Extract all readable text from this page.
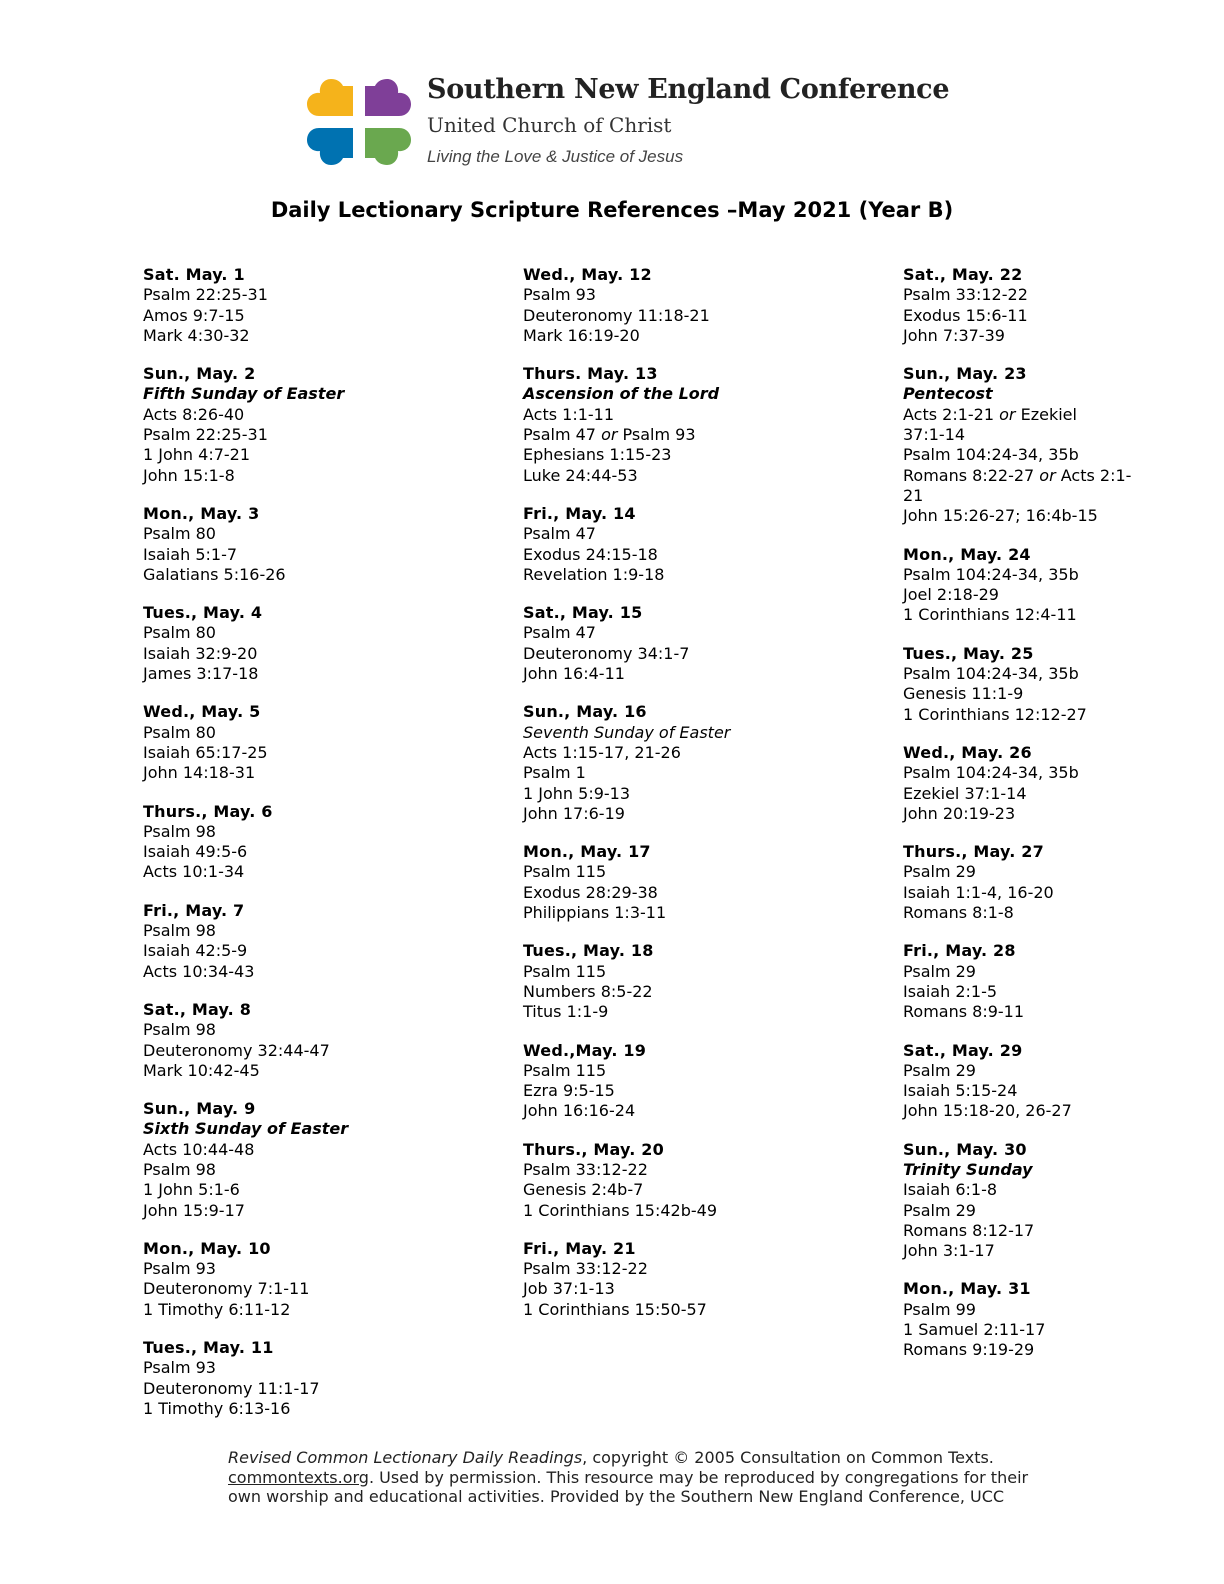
Southern New England Conference
United Church of Christ
Living the Love & Justice of Jesus
Daily Lectionary Scripture References –May 2021 (Year B)
Sat. May. 1
Psalm 22:25-31
Amos 9:7-15
Mark 4:30-32
Sun., May. 2
Fifth Sunday of Easter
Acts 8:26-40
Psalm 22:25-31
1 John 4:7-21
John 15:1-8
Mon., May. 3
Psalm 80
Isaiah 5:1-7
Galatians 5:16-26
Tues., May. 4
Psalm 80
Isaiah 32:9-20
James 3:17-18
Wed., May. 5
Psalm 80
Isaiah 65:17-25
John 14:18-31
Thurs., May. 6
Psalm 98
Isaiah 49:5-6
Acts 10:1-34
Fri., May. 7
Psalm 98
Isaiah 42:5-9
Acts 10:34-43
Sat., May. 8
Psalm 98
Deuteronomy 32:44-47
Mark 10:42-45
Sun., May. 9
Sixth Sunday of Easter
Acts 10:44-48
Psalm 98
1 John 5:1-6
John 15:9-17
Mon., May. 10
Psalm 93
Deuteronomy 7:1-11
1 Timothy 6:11-12
Tues., May. 11
Psalm 93
Deuteronomy 11:1-17
1 Timothy 6:13-16
Wed., May. 12
Psalm 93
Deuteronomy 11:18-21
Mark 16:19-20
Thurs. May. 13
Ascension of the Lord
Acts 1:1-11
Psalm 47 or Psalm 93
Ephesians 1:15-23
Luke 24:44-53
Fri., May. 14
Psalm 47
Exodus 24:15-18
Revelation 1:9-18
Sat., May. 15
Psalm 47
Deuteronomy 34:1-7
John 16:4-11
Sun., May. 16
Seventh Sunday of Easter
Acts 1:15-17, 21-26
Psalm 1
1 John 5:9-13
John 17:6-19
Mon., May. 17
Psalm 115
Exodus 28:29-38
Philippians 1:3-11
Tues., May. 18
Psalm 115
Numbers 8:5-22
Titus 1:1-9
Wed.,May. 19
Psalm 115
Ezra 9:5-15
John 16:16-24
Thurs., May. 20
Psalm 33:12-22
Genesis 2:4b-7
1 Corinthians 15:42b-49
Fri., May. 21
Psalm 33:12-22
Job 37:1-13
1 Corinthians 15:50-57
Sat., May. 22
Psalm 33:12-22
Exodus 15:6-11
John 7:37-39
Sun., May. 23
Pentecost
Acts 2:1-21 or Ezekiel
37:1-14
Psalm 104:24-34, 35b
Romans 8:22-27 or Acts 2:1-
21
John 15:26-27; 16:4b-15
Mon., May. 24
Psalm 104:24-34, 35b
Joel 2:18-29
1 Corinthians 12:4-11
Tues., May. 25
Psalm 104:24-34, 35b
Genesis 11:1-9
1 Corinthians 12:12-27
Wed., May. 26
Psalm 104:24-34, 35b
Ezekiel 37:1-14
John 20:19-23
Thurs., May. 27
Psalm 29
Isaiah 1:1-4, 16-20
Romans 8:1-8
Fri., May. 28
Psalm 29
Isaiah 2:1-5
Romans 8:9-11
Sat., May. 29
Psalm 29
Isaiah 5:15-24
John 15:18-20, 26-27
Sun., May. 30
Trinity Sunday
Isaiah 6:1-8
Psalm 29
Romans 8:12-17
John 3:1-17
Mon., May. 31
Psalm 99
1 Samuel 2:11-17
Romans 9:19-29
Revised Common Lectionary Daily Readings, copyright © 2005 Consultation on Common Texts.
commontexts.org. Used by permission. This resource may be reproduced by congregations for their
own worship and educational activities. Provided by the Southern New England Conference, UCC
